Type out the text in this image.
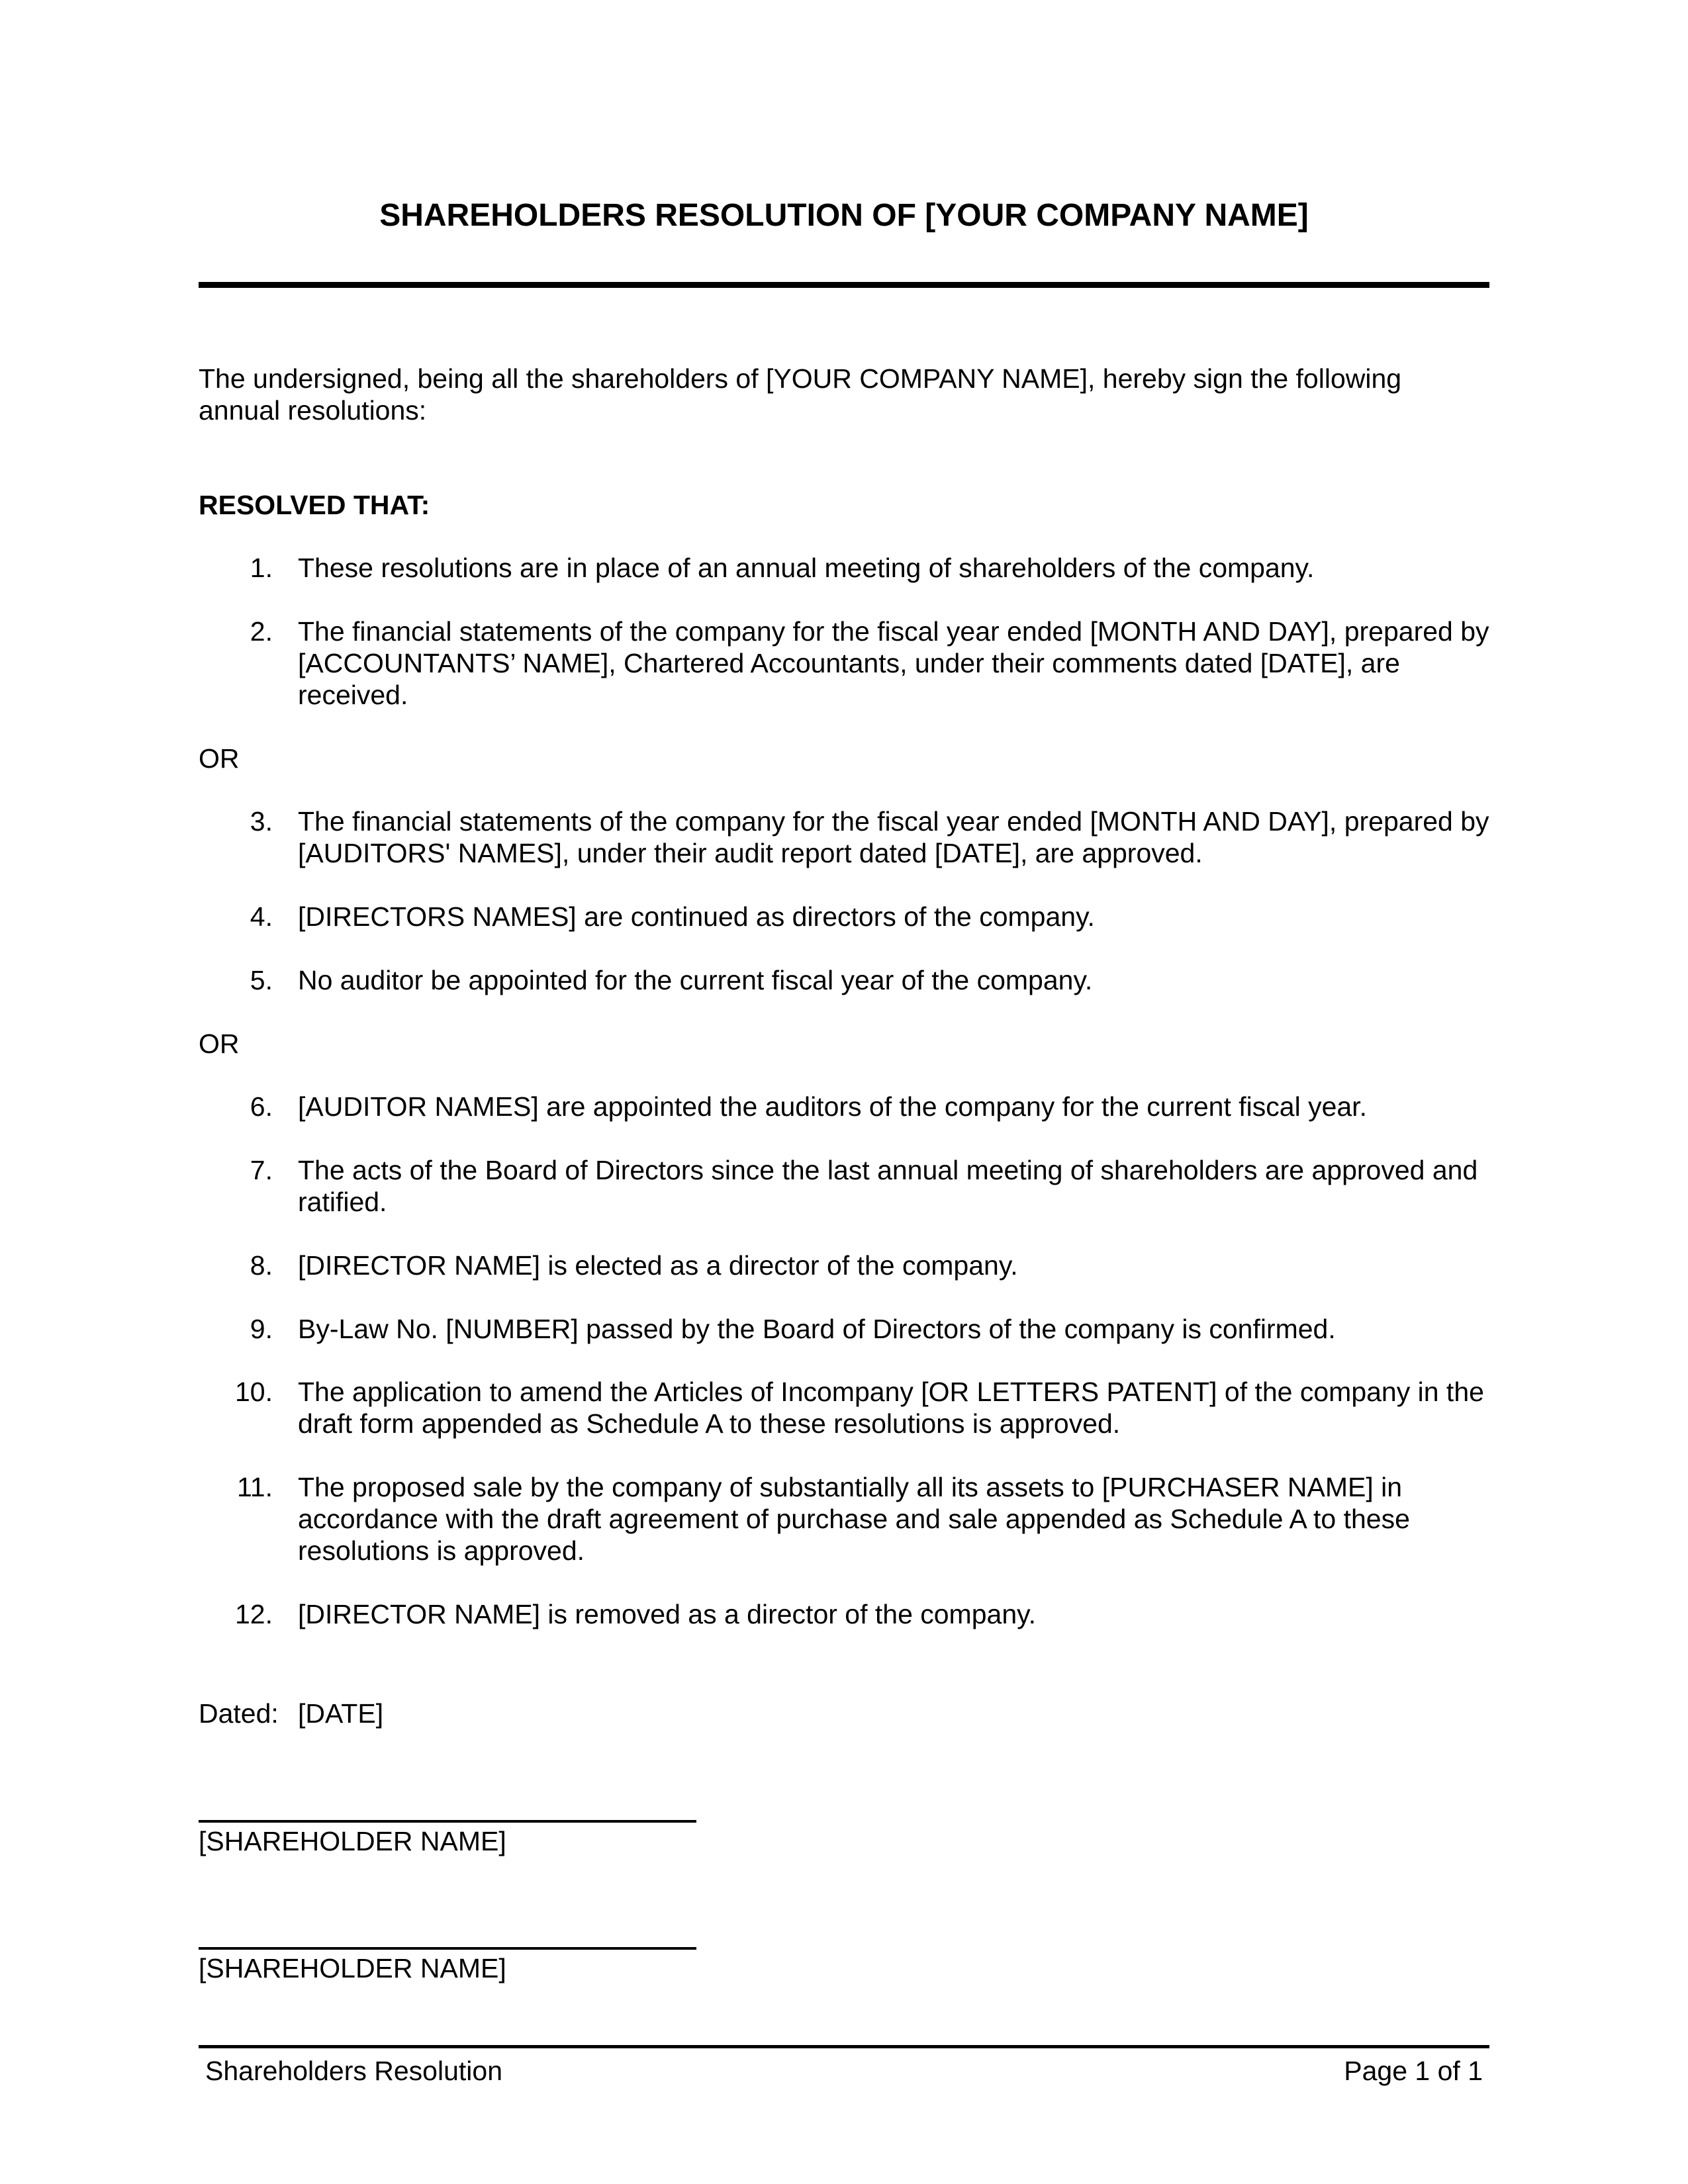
SHAREHOLDERS RESOLUTION OF [YOUR COMPANY NAME]
The undersigned, being all the shareholders of [YOUR COMPANY NAME], hereby sign the following annual resolutions:
RESOLVED THAT:
1. These resolutions are in place of an annual meeting of shareholders of the company.
2. The financial statements of the company for the fiscal year ended [MONTH AND DAY], prepared by [ACCOUNTANTS’ NAME], Chartered Accountants, under their comments dated [DATE], are received.
OR
3. The financial statements of the company for the fiscal year ended [MONTH AND DAY], prepared by [AUDITORS' NAMES], under their audit report dated [DATE], are approved.
4. [DIRECTORS NAMES] are continued as directors of the company.
5. No auditor be appointed for the current fiscal year of the company.
OR
6. [AUDITOR NAMES] are appointed the auditors of the company for the current fiscal year.
7. The acts of the Board of Directors since the last annual meeting of shareholders are approved and ratified.
8. [DIRECTOR NAME] is elected as a director of the company.
9. By-Law No. [NUMBER] passed by the Board of Directors of the company is confirmed.
10. The application to amend the Articles of Incompany [OR LETTERS PATENT] of the company in the draft form appended as Schedule A to these resolutions is approved.
11. The proposed sale by the company of substantially all its assets to [PURCHASER NAME] in accordance with the draft agreement of purchase and sale appended as Schedule A to these resolutions is approved.
12. [DIRECTOR NAME] is removed as a director of the company.
Dated: [DATE]
[SHAREHOLDER NAME]
[SHAREHOLDER NAME]
Shareholders Resolution	Page 1 of 1
